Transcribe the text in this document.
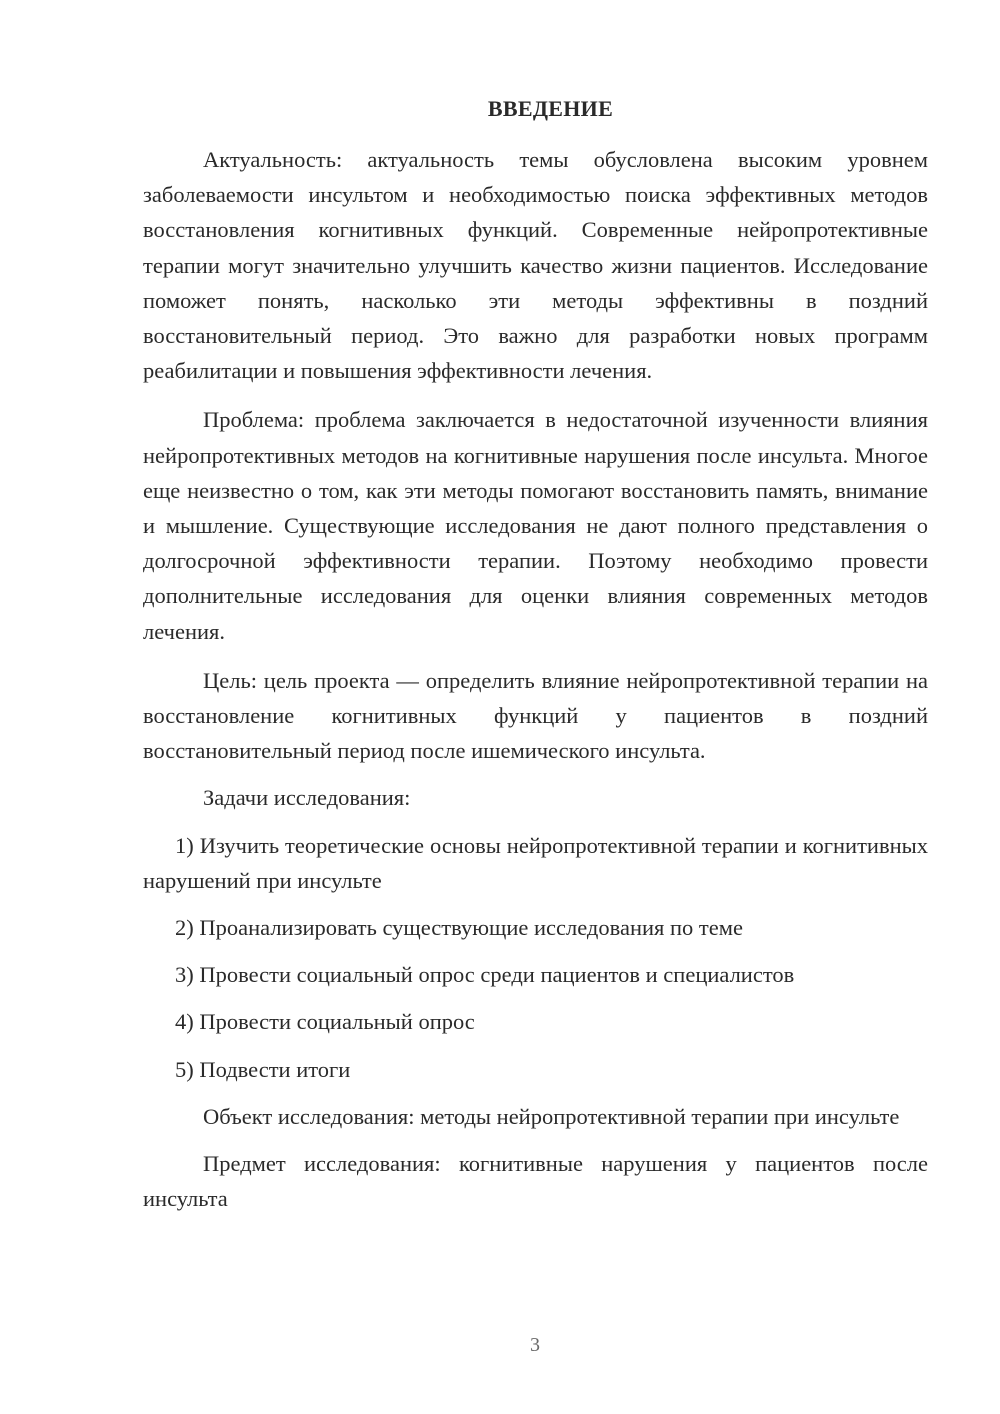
ВВЕДЕНИЕ

Актуальность: актуальность темы обусловлена высоким уровнем заболеваемости инсультом и необходимостью поиска эффективных методов восстановления когнитивных функций. Современные нейропротективные терапии могут значительно улучшить качество жизни пациентов. Исследование поможет понять, насколько эти методы эффективны в поздний восстановительный период. Это важно для разработки новых программ реабилитации и повышения эффективности лечения.

Проблема: проблема заключается в недостаточной изученности влияния нейропротективных методов на когнитивные нарушения после инсульта. Многое еще неизвестно о том, как эти методы помогают восстановить память, внимание и мышление. Существующие исследования не дают полного представления о долгосрочной эффективности терапии. Поэтому необходимо провести дополнительные исследования для оценки влияния современных методов лечения.

Цель: цель проекта — определить влияние нейропротективной терапии на восстановление когнитивных функций у пациентов в поздний восстановительный период после ишемического инсульта.

Задачи исследования:

1) Изучить теоретические основы нейропротективной терапии и когнитивных нарушений при инсульте

2) Проанализировать существующие исследования по теме

3) Провести социальный опрос среди пациентов и специалистов

4) Провести социальный опрос

5) Подвести итоги

Объект исследования: методы нейропротективной терапии при инсульте

Предмет исследования: когнитивные нарушения у пациентов после инсульта

3
